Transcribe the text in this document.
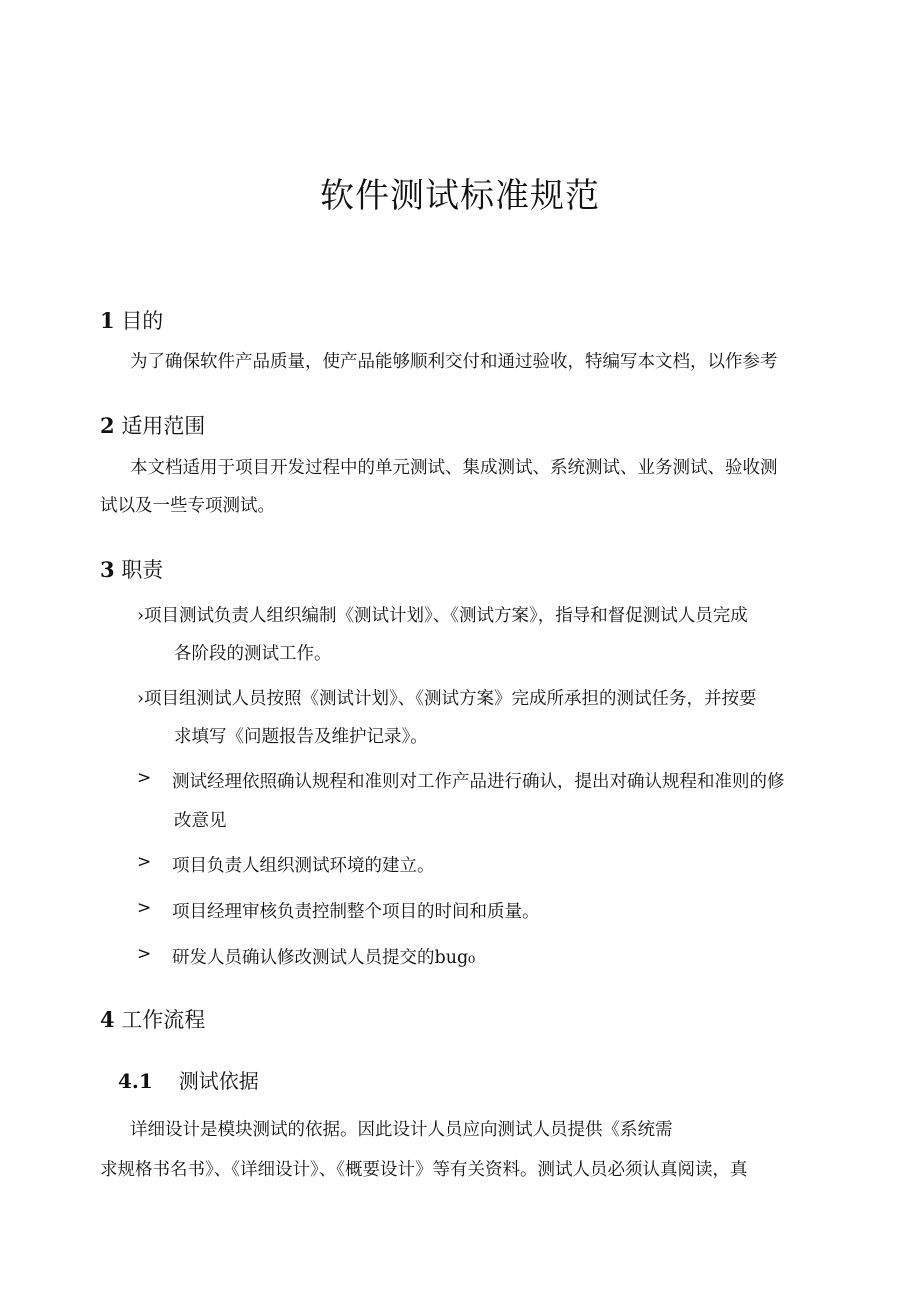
软件测试标准规范
1 目的

为了确保软件产品质量，使产品能够顺利交付和通过验收，特编写本文档，以作参考

2 适用范围

本文档适用于项目开发过程中的单元测试、集成测试、系统测试、业务测试、验收测

试以及一些专项测试。

3 职责
›项目测试负责人组织编制《测试计划》、《测试方案》，指导和督促测试人员完成
各阶段的测试工作。
›项目组测试人员按照《测试计划》、《测试方案》完成所承担的测试任务，并按要
求填写《问题报告及维护记录》。
> 测试经理依照确认规程和准则对工作产品进行确认，提出对确认规程和准则的修
改意见
> 项目负责人组织测试环境的建立。
> 项目经理审核负责控制整个项目的时间和质量。
> 研发人员确认修改测试人员提交的bug₀
4 工作流程
4.1 测试依据

详细设计是模块测试的依据。因此设计人员应向测试人员提供《系统需

求规格书名书》、《详细设计》、《概要设计》等有关资料。测试人员必须认真阅读，真
